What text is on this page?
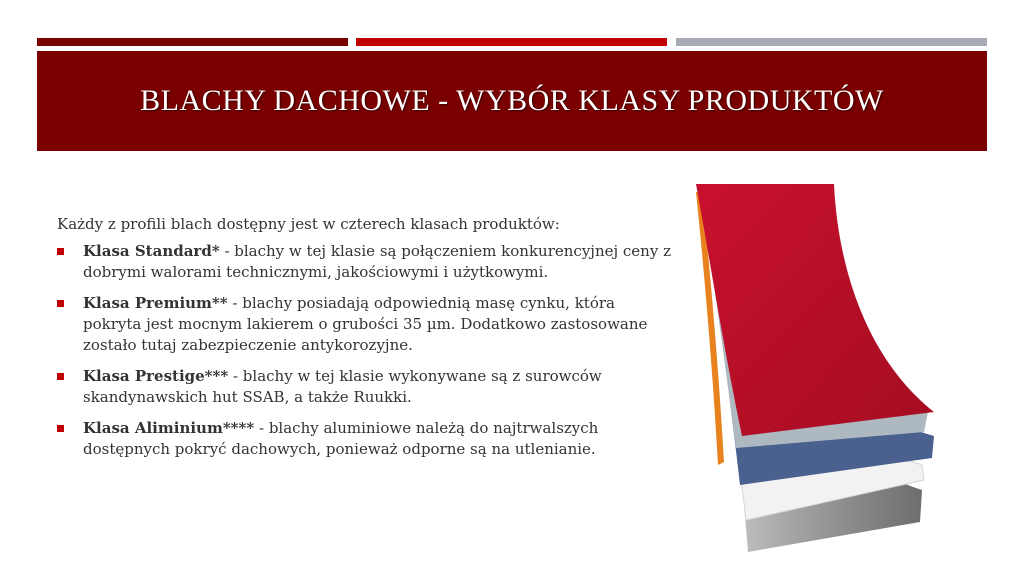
BLACHY DACHOWE - WYBÓR KLASY PRODUKTÓW

Każdy z profili blach dostępny jest w czterech klasach produktów:

Klasa Standard* - blachy w tej klasie są połączeniem konkurencyjnej ceny z dobrymi walorami technicznymi, jakościowymi i użytkowymi.
Klasa Premium** - blachy posiadają odpowiednią masę cynku, która pokryta jest mocnym lakierem o grubości 35 µm. Dodatkowo zastosowane zostało tutaj zabezpieczenie antykorozyjne.
Klasa Prestige*** - blachy w tej klasie wykonywane są z surowców skandynawskich hut SSAB, a także Ruukki.
Klasa Aliminium**** - blachy aluminiowe należą do najtrwalszych dostępnych pokryć dachowych, ponieważ odporne są na utlenianie.
